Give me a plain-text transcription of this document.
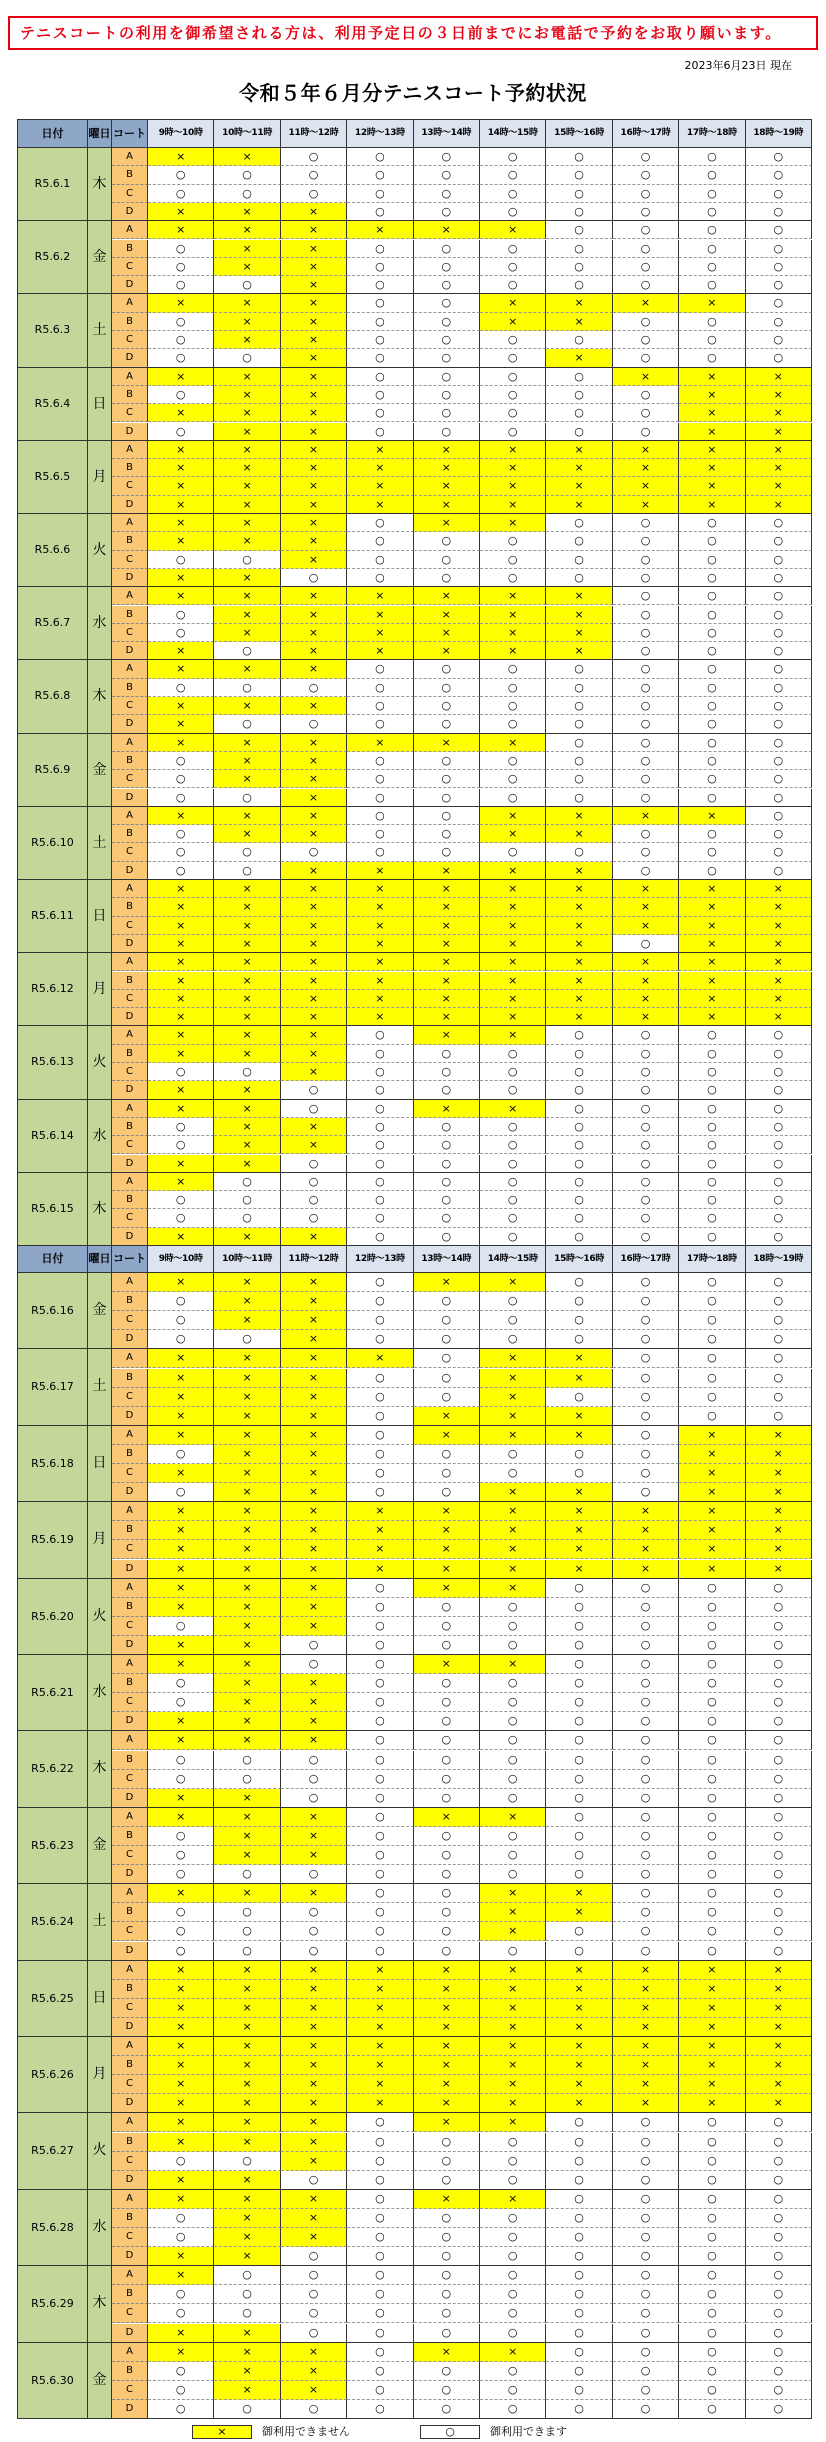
テニスコートの利用を御希望される方は、利用予定日の３日前までにお電話で予約をお取り願います。
2023年6月23日 現在
令和５年６月分テニスコート予約状況
日付	曜日 コート	9時～10時	10時～11時	11時～12時	12時～13時	13時～14時	14時～15時	15時～16時	16時～17時	17時～18時	18時～19時
R5.6.1	木
A	×	×	○	○	○	○	○	○	○	○
B	○	○	○	○	○	○	○	○	○	○
C	○	○	○	○	○	○	○	○	○	○
D	×	×	×	○	○	○	○	○	○	○
R5.6.2	金
A	×	×	×	×	×	×	○	○	○	○
B	○	×	×	○	○	○	○	○	○	○
C	○	×	×	○	○	○	○	○	○	○
D	○	○	×	○	○	○	○	○	○	○
R5.6.3	土
A	×	×	×	○	○	×	×	×	×	○
B	○	×	×	○	○	×	×	○	○	○
C	○	×	×	○	○	○	○	○	○	○
D	○	○	×	○	○	○	×	○	○	○
R5.6.4	日
A	×	×	×	○	○	○	○	×	×	×
B	○	×	×	○	○	○	○	○	×	×
C	×	×	×	○	○	○	○	○	×	×
D	○	×	×	○	○	○	○	○	×	×
R5.6.5	月
A	×	×	×	×	×	×	×	×	×	×
B	×	×	×	×	×	×	×	×	×	×
C	×	×	×	×	×	×	×	×	×	×
D	×	×	×	×	×	×	×	×	×	×
R5.6.6	火
A	×	×	×	○	×	×	○	○	○	○
B	×	×	×	○	○	○	○	○	○	○
C	○	○	×	○	○	○	○	○	○	○
D	×	×	○	○	○	○	○	○	○	○
R5.6.7	水
A	×	×	×	×	×	×	×	○	○	○
B	○	×	×	×	×	×	×	○	○	○
C	○	×	×	×	×	×	×	○	○	○
D	×	○	×	×	×	×	×	○	○	○
R5.6.8	木
A	×	×	×	○	○	○	○	○	○	○
B	○	○	○	○	○	○	○	○	○	○
C	×	×	×	○	○	○	○	○	○	○
D	×	○	○	○	○	○	○	○	○	○
R5.6.9	金
A	×	×	×	×	×	×	○	○	○	○
B	○	×	×	○	○	○	○	○	○	○
C	○	×	×	○	○	○	○	○	○	○
D	○	○	×	○	○	○	○	○	○	○
R5.6.10	土
A	×	×	×	○	○	×	×	×	×	○
B	○	×	×	○	○	×	×	○	○	○
C	○	○	○	○	○	○	○	○	○	○
D	○	○	×	×	×	×	×	○	○	○
R5.6.11	日
A	×	×	×	×	×	×	×	×	×	×
B	×	×	×	×	×	×	×	×	×	×
C	×	×	×	×	×	×	×	×	×	×
D	×	×	×	×	×	×	×	○	×	×
R5.6.12	月
A	×	×	×	×	×	×	×	×	×	×
B	×	×	×	×	×	×	×	×	×	×
C	×	×	×	×	×	×	×	×	×	×
D	×	×	×	×	×	×	×	×	×	×
R5.6.13	火
A	×	×	×	○	×	×	○	○	○	○
B	×	×	×	○	○	○	○	○	○	○
C	○	○	×	○	○	○	○	○	○	○
D	×	×	○	○	○	○	○	○	○	○
R5.6.14	水
A	×	×	○	○	×	×	○	○	○	○
B	○	×	×	○	○	○	○	○	○	○
C	○	×	×	○	○	○	○	○	○	○
D	×	×	○	○	○	○	○	○	○	○
R5.6.15	木
A	×	○	○	○	○	○	○	○	○	○
B	○	○	○	○	○	○	○	○	○	○
C	○	○	○	○	○	○	○	○	○	○
D	×	×	×	○	○	○	○	○	○	○
日付	曜日 コート	9時～10時	10時～11時	11時～12時	12時～13時	13時～14時	14時～15時	15時～16時	16時～17時	17時～18時	18時～19時
R5.6.16	金
A	×	×	×	○	×	×	○	○	○	○
B	○	×	×	○	○	○	○	○	○	○
C	○	×	×	○	○	○	○	○	○	○
D	○	○	×	○	○	○	○	○	○	○
R5.6.17	土
A	×	×	×	×	○	×	×	○	○	○
B	×	×	×	○	○	×	×	○	○	○
C	×	×	×	○	○	×	○	○	○	○
D	×	×	×	○	×	×	×	○	○	○
R5.6.18	日
A	×	×	×	○	×	×	×	○	×	×
B	○	×	×	○	○	○	○	○	×	×
C	×	×	×	○	○	○	○	○	×	×
D	○	×	×	○	○	×	×	○	×	×
R5.6.19	月
A	×	×	×	×	×	×	×	×	×	×
B	×	×	×	×	×	×	×	×	×	×
C	×	×	×	×	×	×	×	×	×	×
D	×	×	×	×	×	×	×	×	×	×
R5.6.20	火
A	×	×	×	○	×	×	○	○	○	○
B	×	×	×	○	○	○	○	○	○	○
C	○	×	×	○	○	○	○	○	○	○
D	×	×	○	○	○	○	○	○	○	○
R5.6.21	水
A	×	×	○	○	×	×	○	○	○	○
B	○	×	×	○	○	○	○	○	○	○
C	○	×	×	○	○	○	○	○	○	○
D	×	×	×	○	○	○	○	○	○	○
R5.6.22	木
A	×	×	×	○	○	○	○	○	○	○
B	○	○	○	○	○	○	○	○	○	○
C	○	○	○	○	○	○	○	○	○	○
D	×	×	○	○	○	○	○	○	○	○
R5.6.23	金
A	×	×	×	○	×	×	○	○	○	○
B	○	×	×	○	○	○	○	○	○	○
C	○	×	×	○	○	○	○	○	○	○
D	○	○	○	○	○	○	○	○	○	○
R5.6.24	土
A	×	×	×	○	○	×	×	○	○	○
B	○	○	○	○	○	×	×	○	○	○
C	○	○	○	○	○	×	○	○	○	○
D	○	○	○	○	○	○	○	○	○	○
R5.6.25	日
A	×	×	×	×	×	×	×	×	×	×
B	×	×	×	×	×	×	×	×	×	×
C	×	×	×	×	×	×	×	×	×	×
D	×	×	×	×	×	×	×	×	×	×
R5.6.26	月
A	×	×	×	×	×	×	×	×	×	×
B	×	×	×	×	×	×	×	×	×	×
C	×	×	×	×	×	×	×	×	×	×
D	×	×	×	×	×	×	×	×	×	×
R5.6.27	火
A	×	×	×	○	×	×	○	○	○	○
B	×	×	×	○	○	○	○	○	○	○
C	○	○	×	○	○	○	○	○	○	○
D	×	×	○	○	○	○	○	○	○	○
R5.6.28	水
A	×	×	×	○	×	×	○	○	○	○
B	○	×	×	○	○	○	○	○	○	○
C	○	×	×	○	○	○	○	○	○	○
D	×	×	○	○	○	○	○	○	○	○
R5.6.29	木
A	×	○	○	○	○	○	○	○	○	○
B	○	○	○	○	○	○	○	○	○	○
C	○	○	○	○	○	○	○	○	○	○
D	×	×	○	○	○	○	○	○	○	○
R5.6.30	金
A	×	×	×	○	×	×	○	○	○	○
B	○	×	×	○	○	○	○	○	○	○
C	○	×	×	○	○	○	○	○	○	○
D	○	○	○	○	○	○	○	○	○	○
×	御利用できません	○	御利用できます
